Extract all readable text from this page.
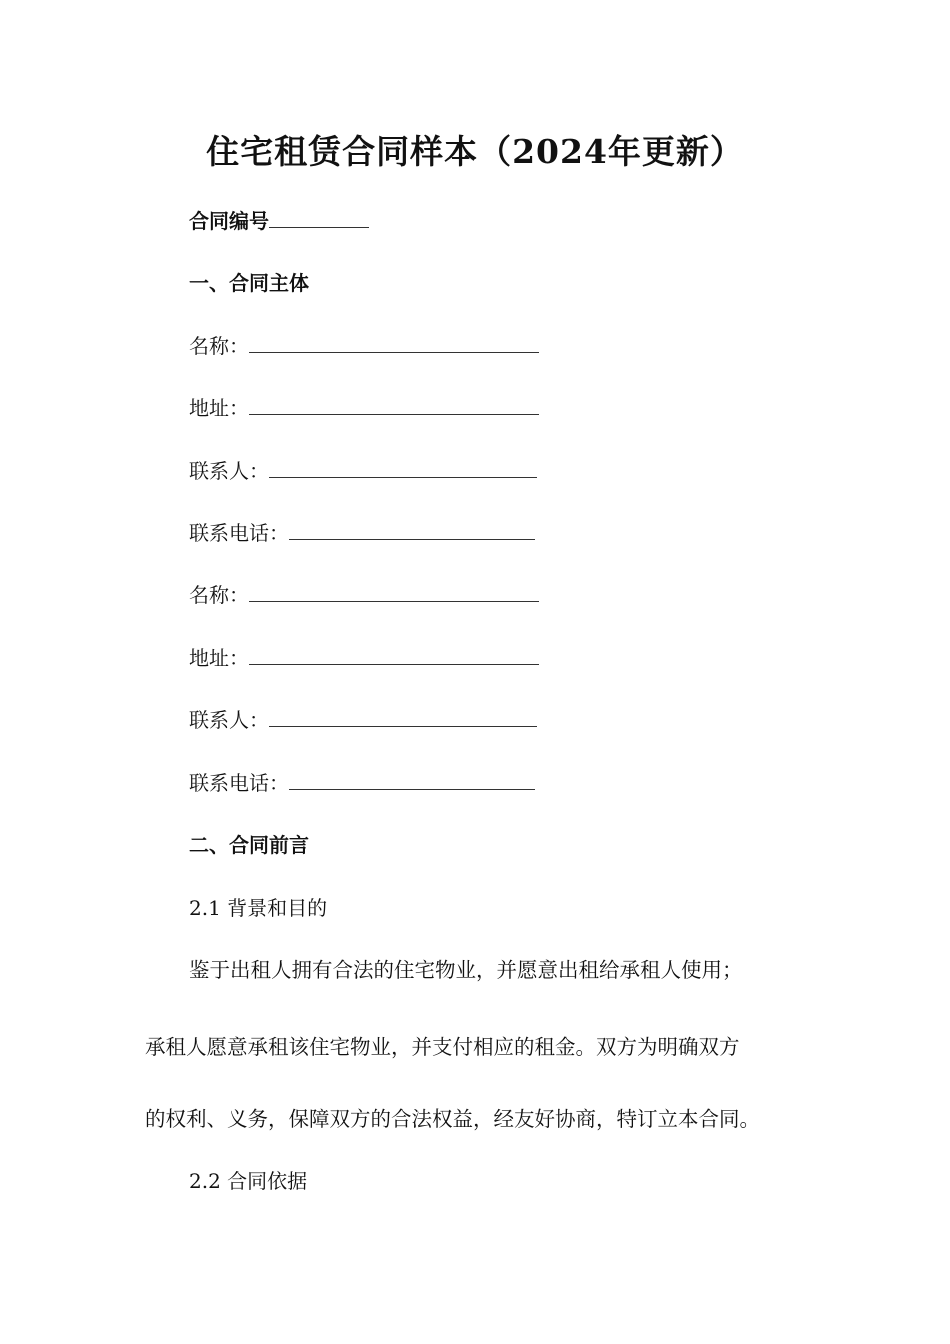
住宅租赁合同样本（2024年更新）
合同编号
一、合同主体
名称：
地址：
联系人：
联系电话：
名称：
地址：
联系人：
联系电话：
二、合同前言
2.1 背景和目的
鉴于出租人拥有合法的住宅物业，并愿意出租给承租人使用；
承租人愿意承租该住宅物业，并支付相应的租金。双方为明确双方
的权利、义务，保障双方的合法权益，经友好协商，特订立本合同。
2.2 合同依据
